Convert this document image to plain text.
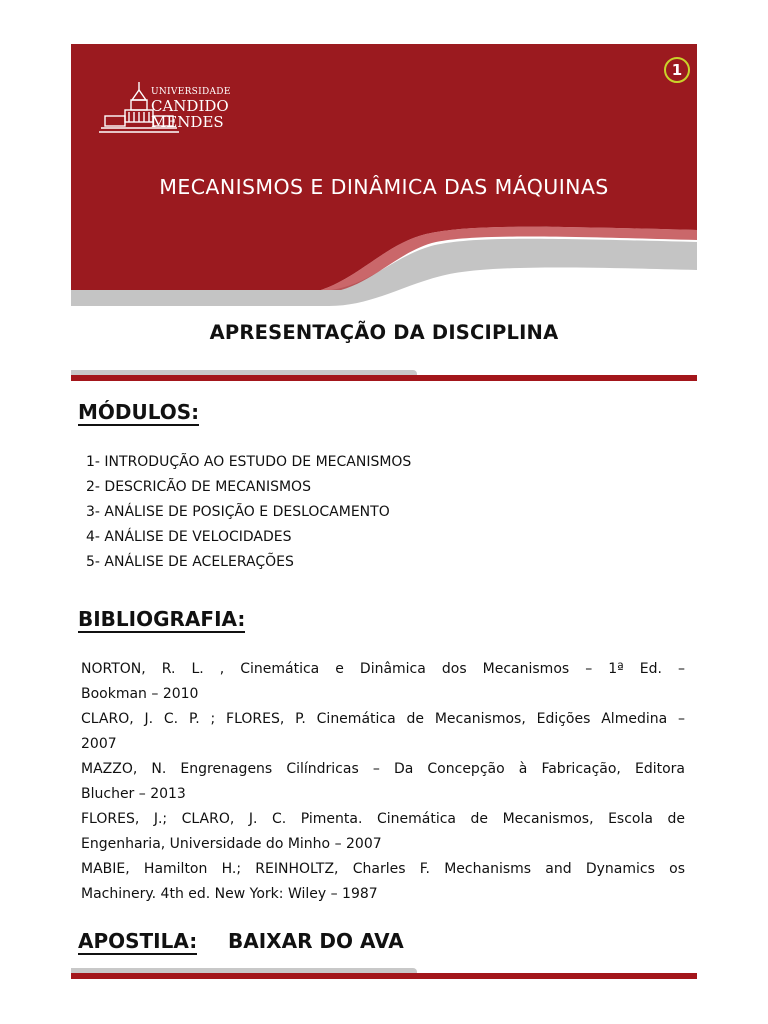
UNIVERSIDADE
CANDIDO
MENDES
1
MECANISMOS E DINÂMICA DAS MÁQUINAS
APRESENTAÇÃO DA DISCIPLINA
MÓDULOS:
1- INTRODUÇÃO AO ESTUDO DE MECANISMOS
2- DESCRICÃO DE MECANISMOS
3- ANÁLISE DE POSIÇÃO E DESLOCAMENTO
4- ANÁLISE DE VELOCIDADES
5- ANÁLISE DE ACELERAÇÕES
BIBLIOGRAFIA:
NORTON, R. L. , Cinemática e Dinâmica dos Mecanismos – 1ª Ed. –
Bookman – 2010
CLARO, J. C. P. ; FLORES, P. Cinemática de Mecanismos, Edições Almedina –
2007
MAZZO, N. Engrenagens Cilíndricas – Da Concepção à Fabricação, Editora
Blucher – 2013
FLORES, J.; CLARO, J. C. Pimenta. Cinemática de Mecanismos, Escola de
Engenharia, Universidade do Minho – 2007
MABIE, Hamilton H.; REINHOLTZ, Charles F. Mechanisms and Dynamics os
Machinery. 4th ed. New York: Wiley – 1987
APOSTILA: BAIXAR DO AVA
